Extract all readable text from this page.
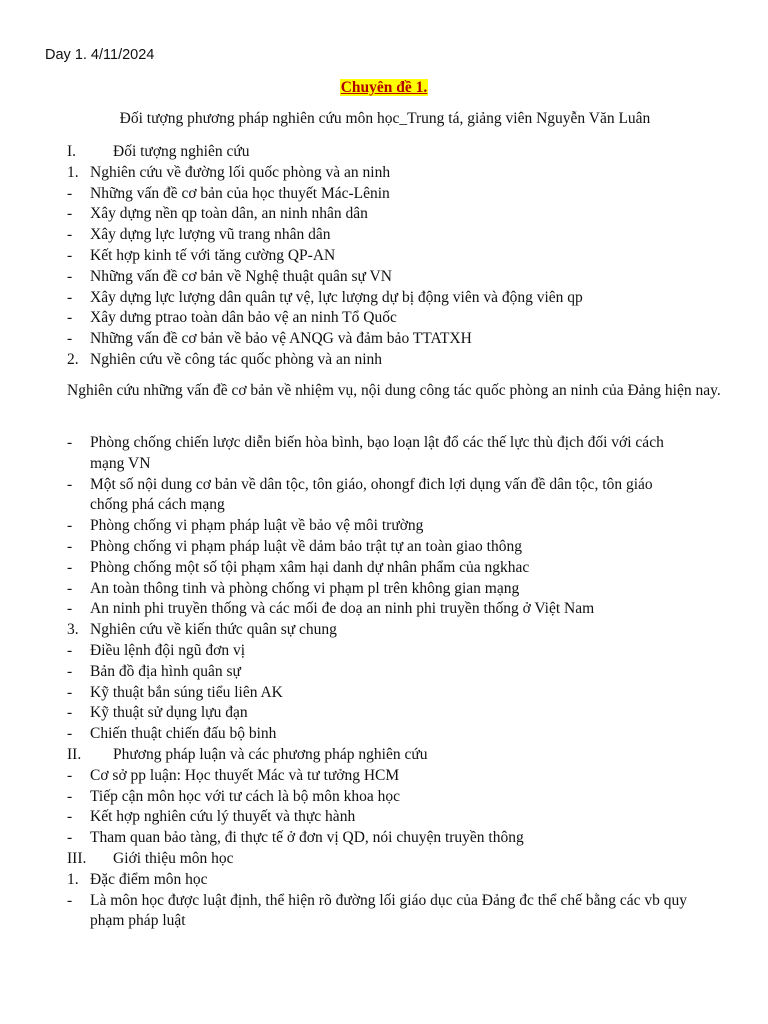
Day 1. 4/11/2024
Chuyên đề 1.
Đối tượng phương pháp nghiên cứu môn học_Trung tá, giảng viên Nguyễn Văn Luân
I. Đối tượng nghiên cứu
1. Nghiên cứu về đường lối quốc phòng và an ninh
- Những vấn đề cơ bản của học thuyết Mác-Lênin
- Xây dựng nền qp toàn dân, an ninh nhân dân
- Xây dựng lực lượng vũ trang nhân dân
- Kết hợp kinh tế với tăng cường QP-AN
- Những vấn đề cơ bản về Nghệ thuật quân sự VN
- Xây dựng lực lượng dân quân tự vệ, lực lượng dự bị động viên và động viên qp
- Xây dưng ptrao toàn dân bảo vệ an ninh Tổ Quốc
- Những vấn đề cơ bản về bảo vệ ANQG và đảm bảo TTATXH
2. Nghiên cứu về công tác quốc phòng và an ninh
Nghiên cứu những vấn đề cơ bản về nhiệm vụ, nội dung công tác quốc phòng an ninh của Đảng hiện nay.
- Phòng chống chiến lược diễn biến hòa bình, bạo loạn lật đổ các thế lực thù địch đối với cách
mạng VN
- Một số nội dung cơ bản về dân tộc, tôn giáo, ohongf đich lợi dụng vấn đề dân tộc, tôn giáo
chống phá cách mạng
- Phòng chống vi phạm pháp luật về bảo vệ môi trường
- Phòng chống vi phạm pháp luật về dảm bảo trật tự an toàn giao thông
- Phòng chống một số tội phạm xâm hại danh dự nhân phẩm của ngkhac
- An toàn thông tinh và phòng chống vi phạm pl trên không gian mạng
- An ninh phi truyền thống và các mối đe doạ an ninh phi truyền thống ở Việt Nam
3. Nghiên cứu về kiến thức quân sự chung
- Điều lệnh đội ngũ đơn vị
- Bản đồ địa hình quân sự
- Kỹ thuật bắn súng tiểu liên AK
- Kỹ thuật sử dụng lựu đạn
- Chiến thuật chiến đấu bộ binh
II. Phương pháp luận và các phương pháp nghiên cứu
- Cơ sở pp luận: Học thuyết Mác và tư tưởng HCM
- Tiếp cận môn học với tư cách là bộ môn khoa học
- Kết hợp nghiên cứu lý thuyết và thực hành
- Tham quan bảo tàng, đi thực tế ở đơn vị QD, nói chuyện truyền thông
III. Giới thiệu môn học
1. Đặc điểm môn học
- Là môn học được luật định, thể hiện rõ đường lối giáo dục của Đảng đc thể chế bằng các vb quy
phạm pháp luật
